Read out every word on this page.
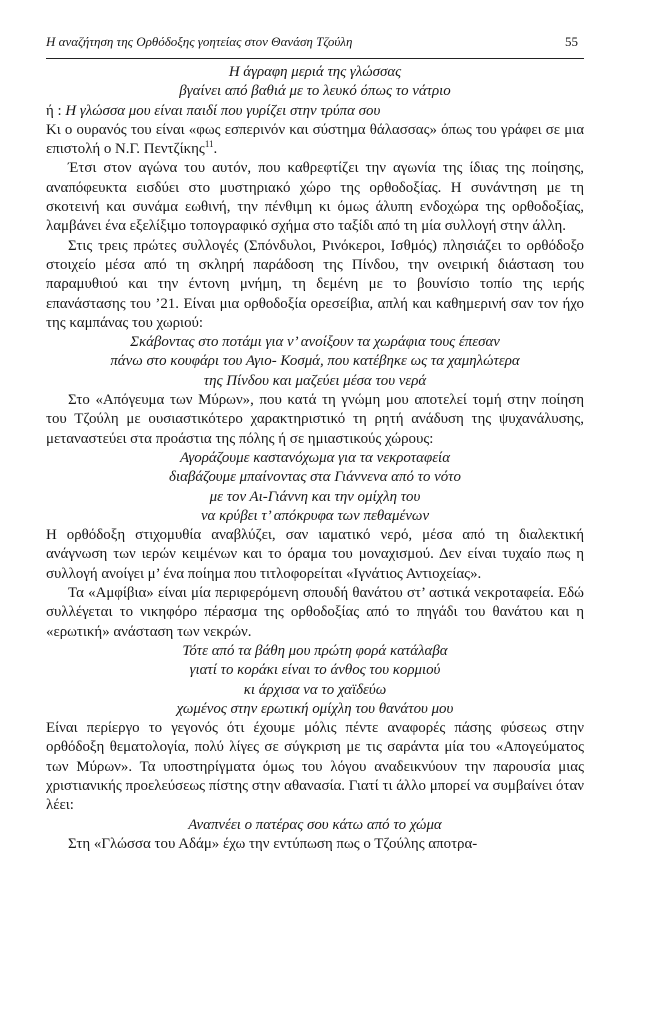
Η αναζήτηση της Ορθόδοξης γοητείας στον Θανάση Τζούλη	55
Η άγραφη μεριά της γλώσσας
βγαίνει από βαθιά με το λευκό όπως το νάτριο

ή : Η γλώσσα μου είναι παιδί που γυρίζει στην τρύπα σου

Κι ο ουρανός του είναι «φως εσπερινόν και σύστημα θάλασσας» όπως του γράφει σε μια επιστολή ο Ν.Γ. Πεντζίκης$^{11}$.

Έτσι στον αγώνα του αυτόν, που καθρεφτίζει την αγωνία της ίδιας της ποίησης, αναπόφευκτα εισδύει στο μυστηριακό χώρο της ορθοδοξίας. Η συνάντηση με τη σκοτεινή και συνάμα εωθινή, την πένθιμη κι όμως άλυπη ενδοχώρα της ορθοδοξίας, λαμβάνει ένα εξελίξιμο τοπογραφικό σχήμα στο ταξίδι από τη μία συλλογή στην άλλη.

Στις τρεις πρώτες συλλογές (Σπόνδυλοι, Ρινόκεροι, Ισθμός) πλησιάζει το ορθόδοξο στοιχείο μέσα από τη σκληρή παράδοση της Πίνδου, την ονειρική διάσταση του παραμυθιού και την έντονη μνήμη, τη δεμένη με το βουνίσιο τοπίο της ιερής επανάστασης του ’21. Είναι μια ορθοδοξία ορεσείβια, απλή και καθημερινή σαν τον ήχο της καμπάνας του χωριού:

Σκάβοντας στο ποτάμι για ν’ ανοίξουν τα χωράφια τους έπεσαν
πάνω στο κουφάρι του Αγιο- Κοσμά, που κατέβηκε ως τα χαμηλώτερα
της Πίνδου και μαζεύει μέσα του νερά

Στο «Απόγευμα των Μύρων», που κατά τη γνώμη μου αποτελεί τομή στην ποίηση του Τζούλη με ουσιαστικότερο χαρακτηριστικό τη ρητή ανάδυση της ψυχανάλυσης, μεταναστεύει στα προάστια της πόλης ή σε ημιαστικούς χώρους:

Αγοράζουμε καστανόχωμα για τα νεκροταφεία
διαβάζουμε μπαίνοντας στα Γιάννενα από το νότο
με τον Αι-Γιάννη και την ομίχλη του
να κρύβει τ’ απόκρυφα των πεθαμένων

Η ορθόδοξη στιχομυθία αναβλύζει, σαν ιαματικό νερό, μέσα από τη διαλεκτική ανάγνωση των ιερών κειμένων και το όραμα του μοναχισμού. Δεν είναι τυχαίο πως η συλλογή ανοίγει μ’ ένα ποίημα που τιτλοφορείται «Ιγνάτιος Αντιοχείας».

Τα «Αμφίβια» είναι μία περιφερόμενη σπουδή θανάτου στ’ αστικά νεκροταφεία. Εδώ συλλέγεται το νικηφόρο πέρασμα της ορθοδοξίας από το πηγάδι του θανάτου και η «ερωτική» ανάσταση των νεκρών.

Τότε από τα βάθη μου πρώτη φορά κατάλαβα
γιατί το κοράκι είναι το άνθος του κορμιού
κι άρχισα να το χαϊδεύω
χωμένος στην ερωτική ομίχλη του θανάτου μου

Είναι περίεργο το γεγονός ότι έχουμε μόλις πέντε αναφορές πάσης φύσεως στην ορθόδοξη θεματολογία, πολύ λίγες σε σύγκριση με τις σαράντα μία του «Απογεύματος των Μύρων». Τα υποστηρίγματα όμως του λόγου αναδεικνύουν την παρουσία μιας χριστιανικής προελεύσεως πίστης στην αθανασία. Γιατί τι άλλο μπορεί να συμβαίνει όταν λέει:

Αναπνέει ο πατέρας σου κάτω από το χώμα

Στη «Γλώσσα του Αδάμ» έχω την εντύπωση πως ο Τζούλης αποτρα-
